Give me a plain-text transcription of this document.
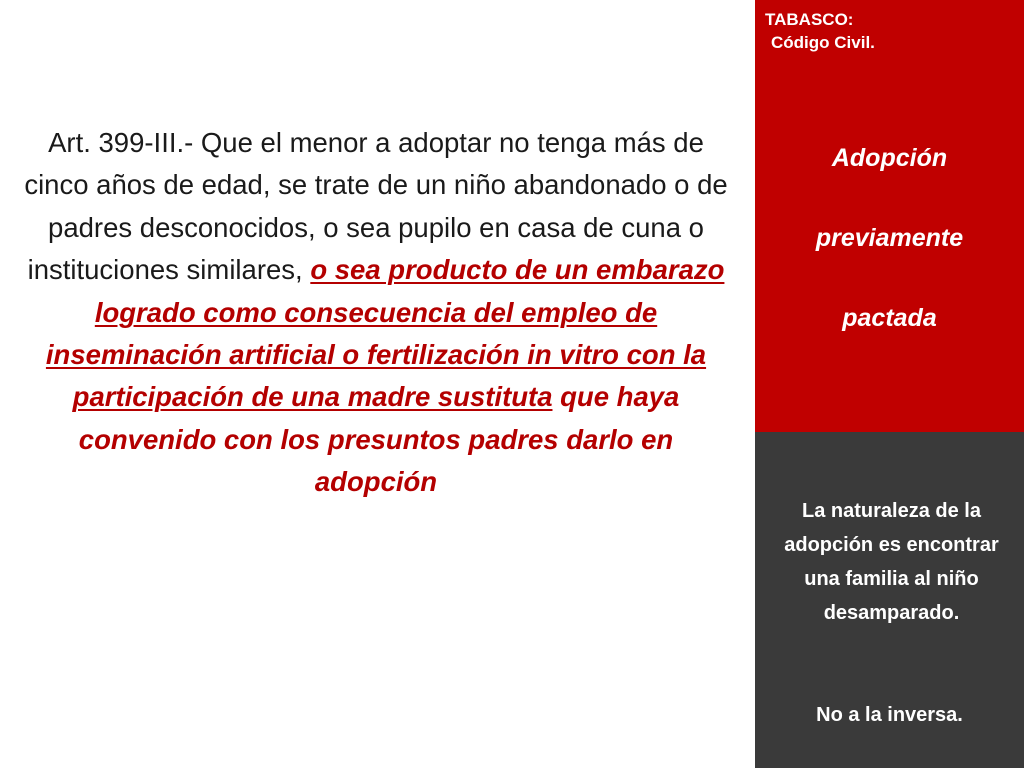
Art. 399-III.- Que el menor a adoptar no tenga más de cinco años de edad, se trate de un niño abandonado o de padres desconocidos, o sea pupilo en casa de cuna o instituciones similares, o sea producto de un embarazo logrado como consecuencia del empleo de inseminación artificial o fertilización in vitro con la participación de una madre sustituta que haya convenido con los presuntos padres darlo en adopción
TABASCO:
Código Civil.
Adopción
previamente
pactada
La naturaleza de la adopción es encontrar una familia al niño desamparado.
No a la inversa.
